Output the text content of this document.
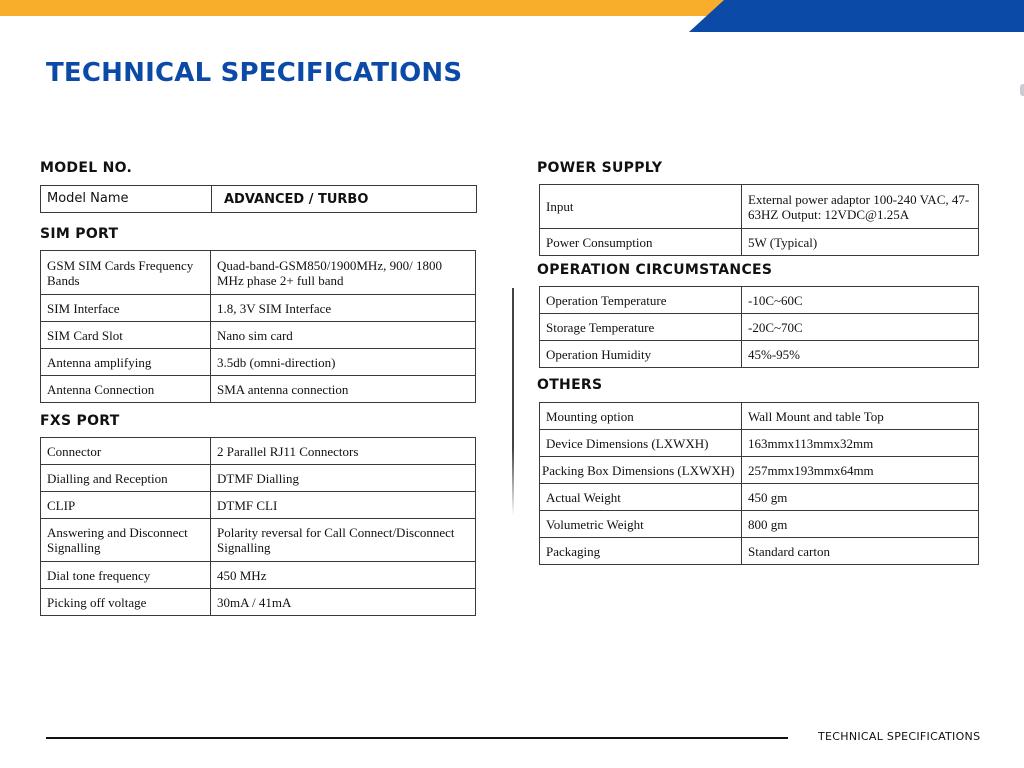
TECHNICAL SPECIFICATIONS
MODEL NO.
Model Name	ADVANCED / TURBO
SIM PORT
GSM SIM Cards Frequency Bands	Quad-band-GSM850/1900MHz, 900/ 1800 MHz phase 2+ full band
SIM Interface	1.8, 3V SIM Interface
SIM Card Slot	Nano sim card
Antenna amplifying	3.5db (omni-direction)
Antenna Connection	SMA antenna connection
FXS PORT
Connector	2 Parallel RJ11 Connectors
Dialling and Reception	DTMF Dialling
CLIP	DTMF CLI
Answering and Disconnect Signalling	Polarity reversal for Call Connect/Disconnect Signalling
Dial tone frequency	450 MHz
Picking off voltage	30mA / 41mA
POWER SUPPLY
Input	External power adaptor 100-240 VAC, 47-63HZ Output: 12VDC@1.25A
Power Consumption	5W (Typical)
OPERATION CIRCUMSTANCES
Operation Temperature	-10C~60C
Storage Temperature	-20C~70C
Operation Humidity	45%-95%
OTHERS
Mounting option	Wall Mount and table Top
Device Dimensions (LXWXH)	163mmx113mmx32mm
Packing Box Dimensions (LXWXH)	257mmx193mmx64mm
Actual Weight	450 gm
Volumetric Weight	800 gm
Packaging	Standard carton
TECHNICAL SPECIFICATIONS
